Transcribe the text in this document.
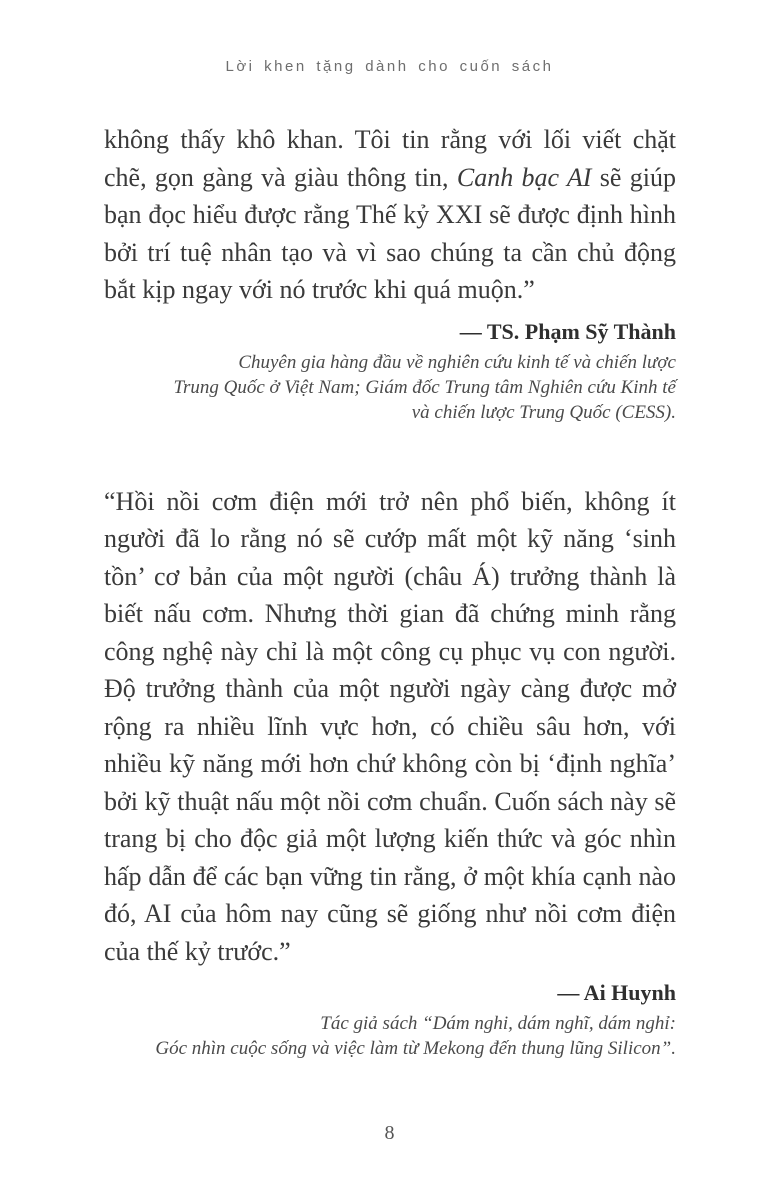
Lời khen tặng dành cho cuốn sách

không thấy khô khan. Tôi tin rằng với lối viết chặt chẽ, gọn gàng và giàu thông tin, Canh bạc AI sẽ giúp bạn đọc hiểu được rằng Thế kỷ XXI sẽ được định hình bởi trí tuệ nhân tạo và vì sao chúng ta cần chủ động bắt kịp ngay với nó trước khi quá muộn.”

— TS. Phạm Sỹ Thành

Chuyên gia hàng đầu về nghiên cứu kinh tế và chiến lược
Trung Quốc ở Việt Nam; Giám đốc Trung tâm Nghiên cứu Kinh tế
và chiến lược Trung Quốc (CESS).

“Hồi nồi cơm điện mới trở nên phổ biến, không ít người đã lo rằng nó sẽ cướp mất một kỹ năng ‘sinh tồn’ cơ bản của một người (châu Á) trưởng thành là biết nấu cơm. Nhưng thời gian đã chứng minh rằng công nghệ này chỉ là một công cụ phục vụ con người. Độ trưởng thành của một người ngày càng được mở rộng ra nhiều lĩnh vực hơn, có chiều sâu hơn, với nhiều kỹ năng mới hơn chứ không còn bị ‘định nghĩa’ bởi kỹ thuật nấu một nồi cơm chuẩn. Cuốn sách này sẽ trang bị cho độc giả một lượng kiến thức và góc nhìn hấp dẫn để các bạn vững tin rằng, ở một khía cạnh nào đó, AI của hôm nay cũng sẽ giống như nồi cơm điện của thế kỷ trước.”

— Ai Huynh

Tác giả sách “Dám nghi, dám nghĩ, dám nghỉ:
Góc nhìn cuộc sống và việc làm từ Mekong đến thung lũng Silicon”.

8
